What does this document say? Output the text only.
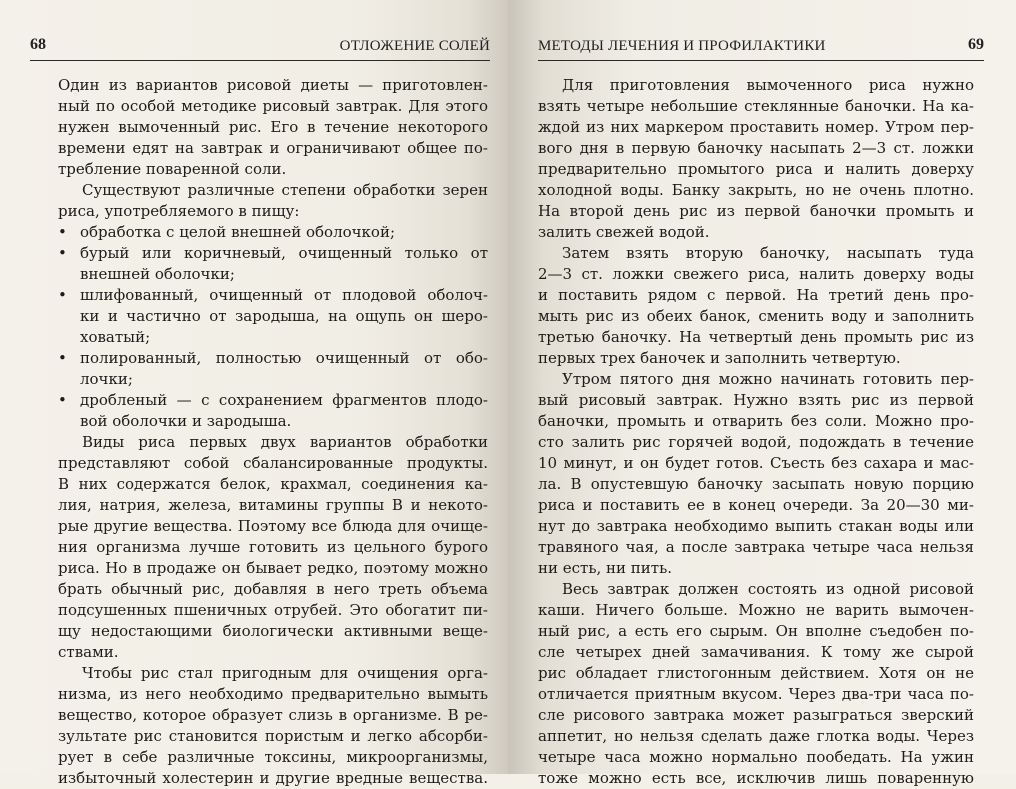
68	ОТЛОЖЕНИЕ СОЛЕЙ
Один из вариантов рисовой диеты — приготовлен-
ный по особой методике рисовый завтрак. Для этого
нужен вымоченный рис. Его в течение некоторого
времени едят на завтрак и ограничивают общее по-
требление поваренной соли.
Существуют различные степени обработки зерен
риса, употребляемого в пищу:
• обработка с целой внешней оболочкой;
• бурый или коричневый, очищенный только от
внешней оболочки;
• шлифованный, очищенный от плодовой оболоч-
ки и частично от зародыша, на ощупь он шеро-
ховатый;
• полированный, полностью очищенный от обо-
лочки;
• дробленый — с сохранением фрагментов плодо-
вой оболочки и зародыша.
Виды риса первых двух вариантов обработки
представляют собой сбалансированные продукты.
В них содержатся белок, крахмал, соединения ка-
лия, натрия, железа, витамины группы В и некото-
рые другие вещества. Поэтому все блюда для очище-
ния организма лучше готовить из цельного бурого
риса. Но в продаже он бывает редко, поэтому можно
брать обычный рис, добавляя в него треть объема
подсушенных пшеничных отрубей. Это обогатит пи-
щу недостающими биологически активными веще-
ствами.
Чтобы рис стал пригодным для очищения орга-
низма, из него необходимо предварительно вымыть
вещество, которое образует слизь в организме. В ре-
зультате рис становится пористым и легко абсорби-
рует в себе различные токсины, микроорганизмы,
избыточный холестерин и другие вредные вещества.
МЕТОДЫ ЛЕЧЕНИЯ И ПРОФИЛАКТИКИ	69
Для приготовления вымоченного риса нужно
взять четыре небольшие стеклянные баночки. На ка-
ждой из них маркером проставить номер. Утром пер-
вого дня в первую баночку насыпать 2—3 ст. ложки
предварительно промытого риса и налить доверху
холодной воды. Банку закрыть, но не очень плотно.
На второй день рис из первой баночки промыть и
залить свежей водой.
Затем взять вторую баночку, насыпать туда
2—3 ст. ложки свежего риса, налить доверху воды
и поставить рядом с первой. На третий день про-
мыть рис из обеих банок, сменить воду и заполнить
третью баночку. На четвертый день промыть рис из
первых трех баночек и заполнить четвертую.
Утром пятого дня можно начинать готовить пер-
вый рисовый завтрак. Нужно взять рис из первой
баночки, промыть и отварить без соли. Можно про-
сто залить рис горячей водой, подождать в течение
10 минут, и он будет готов. Съесть без сахара и мас-
ла. В опустевшую баночку засыпать новую порцию
риса и поставить ее в конец очереди. За 20—30 ми-
нут до завтрака необходимо выпить стакан воды или
травяного чая, а после завтрака четыре часа нельзя
ни есть, ни пить.
Весь завтрак должен состоять из одной рисовой
каши. Ничего больше. Можно не варить вымочен-
ный рис, а есть его сырым. Он вполне съедобен по-
сле четырех дней замачивания. К тому же сырой
рис обладает глистогонным действием. Хотя он не
отличается приятным вкусом. Через два-три часа по-
сле рисового завтрака может разыграться зверский
аппетит, но нельзя сделать даже глотка воды. Через
четыре часа можно нормально пообедать. На ужин
тоже можно есть все, исключив лишь поваренную
